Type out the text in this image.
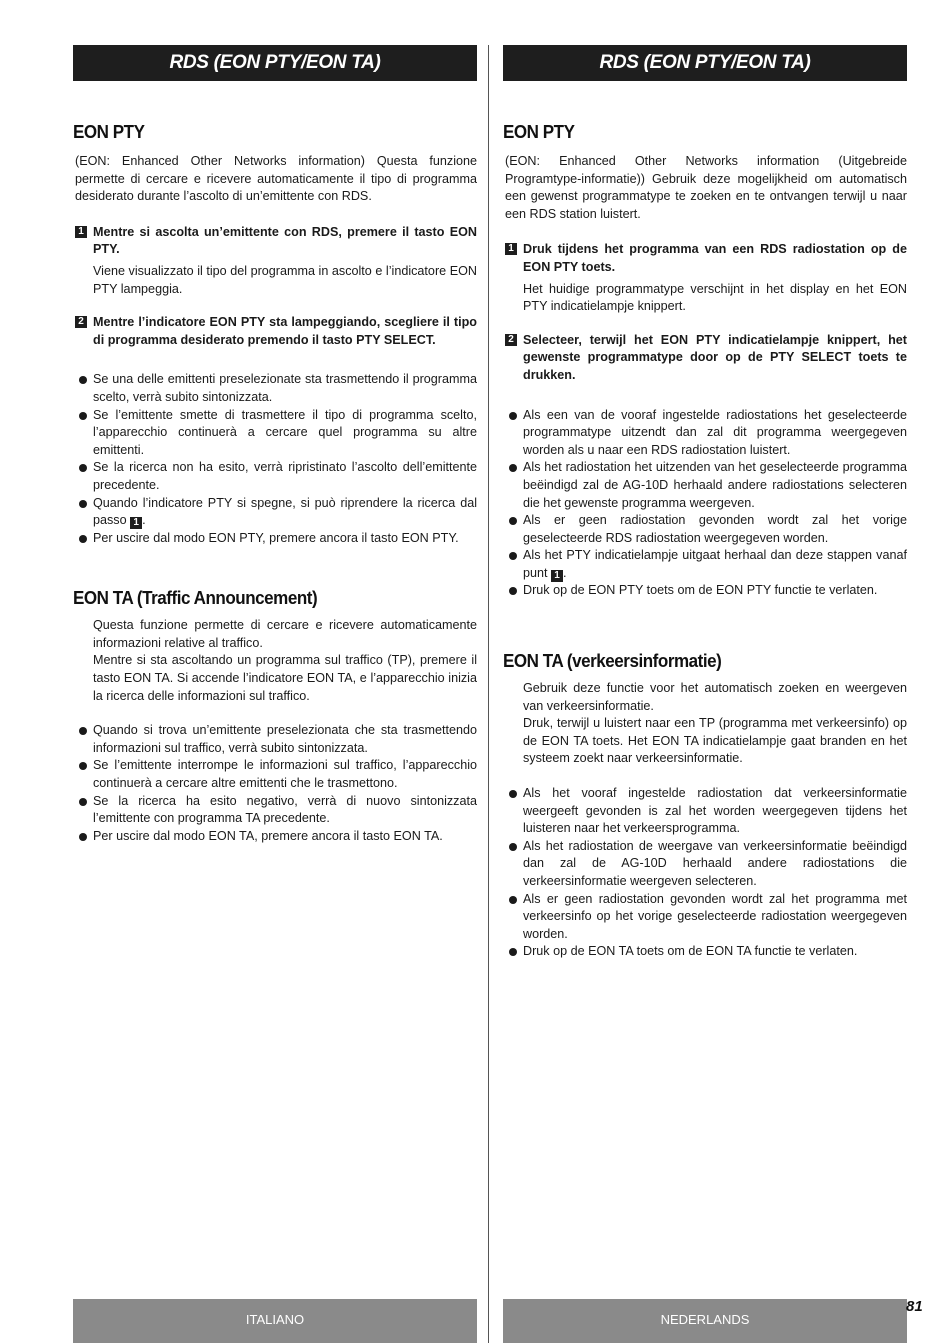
RDS (EON PTY/EON TA)
EON PTY

(EON: Enhanced Other Networks information) Questa funzione permette di cercare e ricevere automaticamente il tipo di programma desiderato durante l’ascolto di un’emittente con RDS.

1 Mentre si ascolta un’emittente con RDS, premere il tasto EON PTY.

Viene visualizzato il tipo del programma in ascolto e l’indicatore EON PTY lampeggia.

2 Mentre l’indicatore EON PTY sta lampeggiando, scegliere il tipo di programma desiderato premendo il tasto PTY SELECT.

Se una delle emittenti preselezionate sta trasmettendo il programma scelto, verrà subito sintonizzata.
Se l’emittente smette di trasmettere il tipo di programma scelto, l’apparecchio continuerà a cercare quel programma su altre emittenti.
Se la ricerca non ha esito, verrà ripristinato l’ascolto dell’emittente precedente.
Quando l’indicatore PTY si spegne, si può riprendere la ricerca dal passo 1 .
Per uscire dal modo EON PTY, premere ancora il tasto EON PTY.
EON TA (Traffic Announcement)

Questa funzione permette di cercare e ricevere automaticamente informazioni relative al traffico.

Mentre si sta ascoltando un programma sul traffico (TP), premere il tasto EON TA. Si accende l’indicatore EON TA, e l’apparecchio inizia la ricerca delle informazioni sul traffico.

Quando si trova un’emittente preselezionata che sta trasmettendo informazioni sul traffico, verrà subito sintonizzata.
Se l’emittente interrompe le informazioni sul traffico, l’apparecchio continuerà a cercare altre emittenti che le trasmettono.
Se la ricerca ha esito negativo, verrà di nuovo sintonizzata l’emittente con programma TA precedente.
Per uscire dal modo EON TA, premere ancora il tasto EON TA.
RDS (EON PTY/EON TA)
EON PTY

(EON: Enhanced Other Networks information (Uitgebreide Programtype-informatie)) Gebruik deze mogelijkheid om automatisch een gewenst programmatype te zoeken en te ontvangen terwijl u naar een RDS station luistert.

1 Druk tijdens het programma van een RDS radiostation op de EON PTY toets.

Het huidige programmatype verschijnt in het display en het EON PTY indicatielampje knippert.

2 Selecteer, terwijl het EON PTY indicatielampje knippert, het gewenste programmatype door op de PTY SELECT toets te drukken.

Als een van de vooraf ingestelde radiostations het geselecteerde programmatype uitzendt dan zal dit programma weergegeven worden als u naar een RDS radiostation luistert.
Als het radiostation het uitzenden van het geselecteerde programma beëindigd zal de AG-10D herhaald andere radiostations selecteren die het gewenste programma weergeven.
Als er geen radiostation gevonden wordt zal het vorige geselecteerde RDS radiostation weergegeven worden.
Als het PTY indicatielampje uitgaat herhaal dan deze stappen vanaf punt 1 .
Druk op de EON PTY toets om de EON PTY functie te verlaten.
EON TA (verkeersinformatie)

Gebruik deze functie voor het automatisch zoeken en weergeven van verkeersinformatie.

Druk, terwijl u luistert naar een TP (programma met verkeersinfo) op de EON TA toets. Het EON TA indicatielampje gaat branden en het systeem zoekt naar verkeersinformatie.

Als het vooraf ingestelde radiostation dat verkeersinformatie weergeeft gevonden is zal het worden weergegeven tijdens het luisteren naar het verkeersprogramma.
Als het radiostation de weergave van verkeersinformatie beëindigd dan zal de AG-10D herhaald andere radiostations die verkeersinformatie weergeven selecteren.
Als er geen radiostation gevonden wordt zal het programma met verkeersinfo op het vorige geselecteerde radiostation weergegeven worden.
Druk op de EON TA toets om de EON TA functie te verlaten.
ITALIANO	NEDERLANDS
81
